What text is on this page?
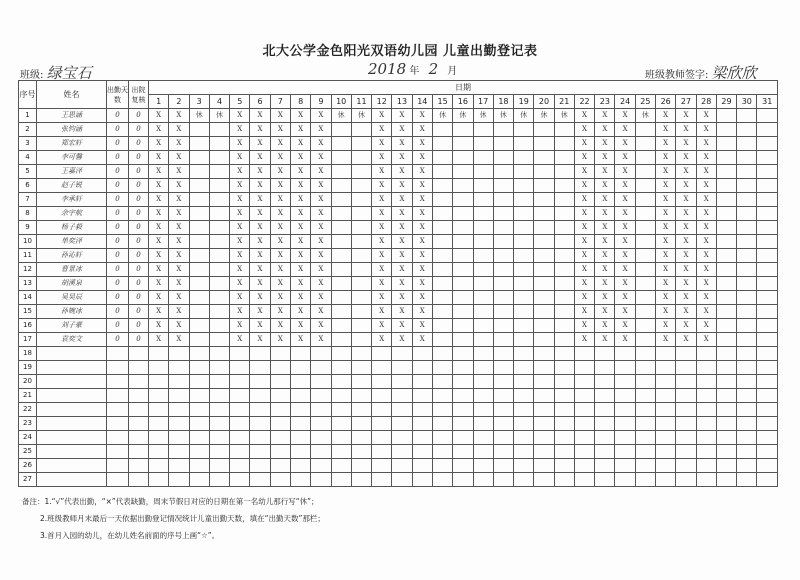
北大公学金色阳光双语幼儿园 儿童出勤登记表
班级: 绿宝石	2018 年 2 月	班级教师签字: 梁欣欣
序号	姓名	出勤天数	出院复核	日期																														
				1	2	3	4	5	6	7	8	9	10	11	12	13	14	15	16	17	18	19	20	21	22	23	24	25	26	27	28	29	30	31
1	王思涵	0	0	X	X	休	休	X	X	X	X	X	休	休	X	X	X	休	休	休	休	休	休	休	X	X	X	休	X	X	X			
2	张钧涵	0	0	X	X			X	X	X	X	X			X	X	X								X	X	X		X	X	X			
3	郑宏轩	0	0	X	X			X	X	X	X	X			X	X	X								X	X	X		X	X	X			
4	李可馨	0	0	X	X			X	X	X	X	X			X	X	X								X	X	X		X	X	X			
5	王嘉泽	0	0	X	X			X	X	X	X	X			X	X	X								X	X	X		X	X	X			
6	赵子锐	0	0	X	X			X	X	X	X	X			X	X	X								X	X	X		X	X	X			
7	李承轩	0	0	X	X			X	X	X	X	X			X	X	X								X	X	X		X	X	X			
8	余宇航	0	0	X	X			X	X	X	X	X			X	X	X								X	X	X		X	X	X			
9	杨子毅	0	0	X	X			X	X	X	X	X			X	X	X								X	X	X		X	X	X			
10	单奕泽	0	0	X	X			X	X	X	X	X			X	X	X								X	X	X		X	X	X			
11	孙沁轩	0	0	X	X			X	X	X	X	X			X	X	X								X	X	X		X	X	X			
12	曹景冰	0	0	X	X			X	X	X	X	X			X	X	X								X	X	X		X	X	X			
13	胡溪泉	0	0	X	X			X	X	X	X	X			X	X	X								X	X	X		X	X	X			
14	吴昊辰	0	0	X	X			X	X	X	X	X			X	X	X								X	X	X		X	X	X			
15	孙婉冰	0	0	X	X			X	X	X	X	X			X	X	X								X	X	X		X	X	X			
16	刘子豪	0	0	X	X			X	X	X	X	X			X	X	X								X	X	X		X	X	X			
17	袁奕文	0	0	X	X			X	X	X	X	X			X	X	X								X	X	X		X	X	X			
18																																		
19																																		
20																																		
21																																		
22																																		
23																																		
24																																		
25																																		
26																																		
27																																		
备注：1.“√”代表出勤，“×”代表缺勤，周末节假日对应的日期在第一名幼儿那行写“休”；
2.班级教师月末最后一天依据出勤登记情况统计儿童出勤天数，填在“出勤天数”那栏；
3.首月入园的幼儿，在幼儿姓名前面的序号上画“☆”。
